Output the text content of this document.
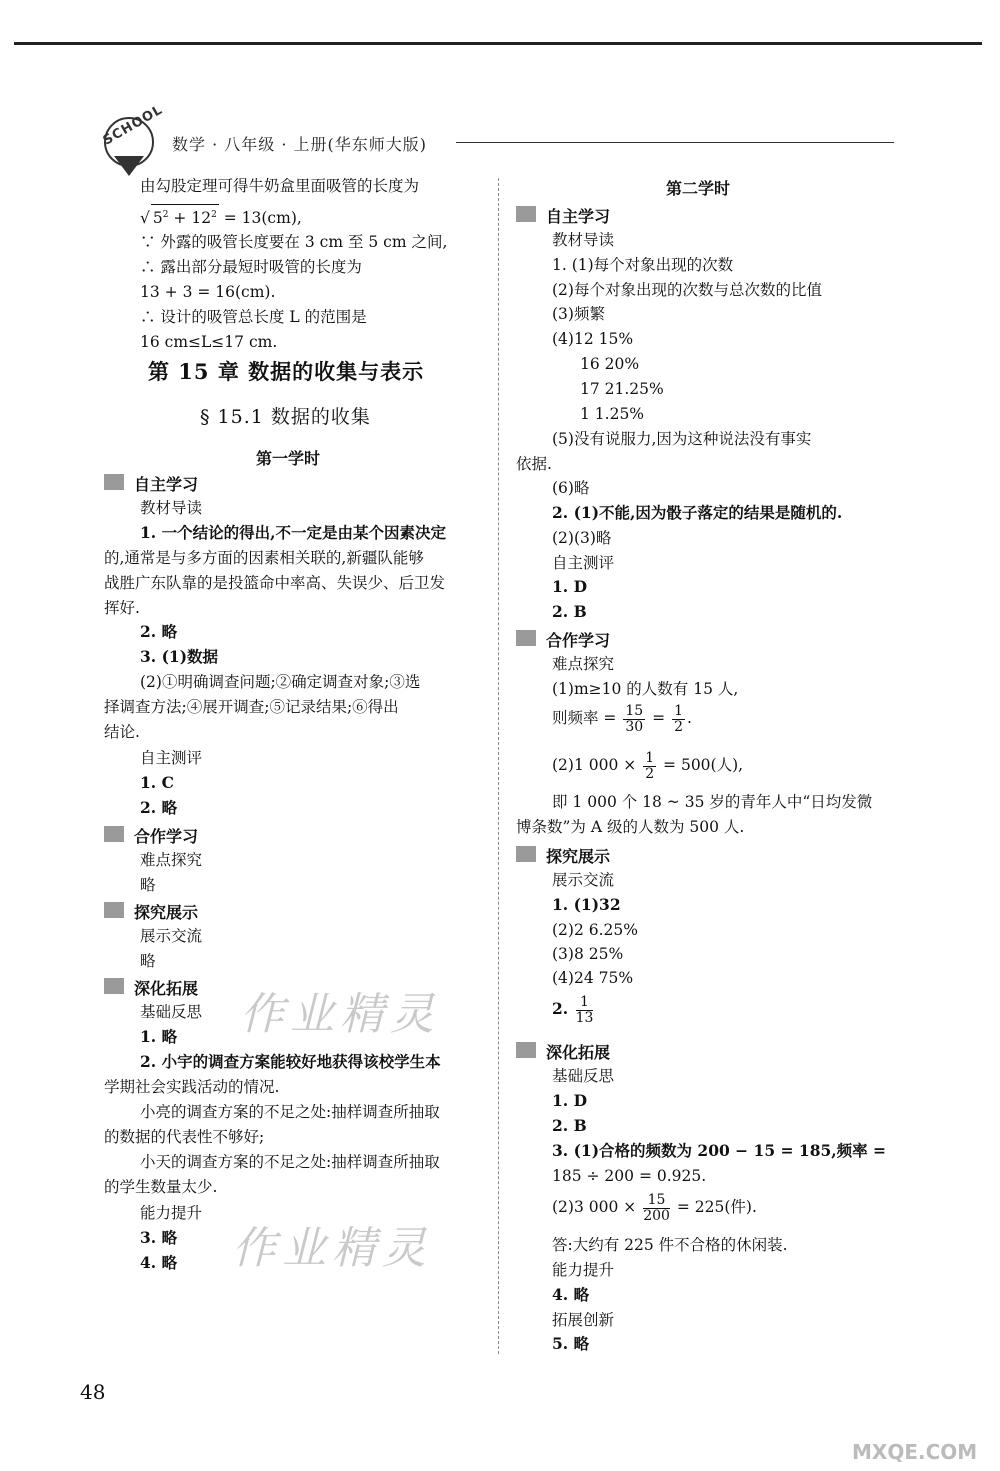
SCHOOL 数学 · 八年级 · 上册(华东师大版)
由勾股定理可得牛奶盒里面吸管的长度为
√ $5^2 + 12^2 = 13(cm)$,
∵ 外露的吸管长度要在 3 cm 至 5 cm 之间,
∴ 露出部分最短时吸管的长度为
13 + 3 = 16(cm).
∴ 设计的吸管总长度 L 的范围是
16 cm≤L≤17 cm.
第 15 章 数据的收集与表示
§ 15.1 数据的收集
第一学时
自主学习
教材导读
1. 一个结论的得出,不一定是由某个因素决定
的,通常是与多方面的因素相关联的,新疆队能够
战胜广东队靠的是投篮命中率高、失误少、后卫发
挥好.
2. 略
3. (1)数据
(2)①明确调查问题;②确定调查对象;③选
择调查方法;④展开调查;⑤记录结果;⑥得出
结论.
自主测评
1. C
2. 略
合作学习
难点探究
略
探究展示
展示交流
略
深化拓展
基础反思
1. 略
2. 小宇的调查方案能较好地获得该校学生本
学期社会实践活动的情况.
小亮的调查方案的不足之处:抽样调查所抽取
的数据的代表性不够好;
小天的调查方案的不足之处:抽样调查所抽取
的学生数量太少.
能力提升
3. 略
4. 略
第二学时
自主学习
教材导读
1. (1)每个对象出现的次数
(2)每个对象出现的次数与总次数的比值
(3)频繁
(4)12 15%
16 20%
17 21.25%
1 1.25%
(5)没有说服力,因为这种说法没有事实
依据.
(6)略
2. (1)不能,因为骰子落定的结果是随机的.
(2)(3)略
自主测评
1. D
2. B
合作学习
难点探究
(1)m≥10 的人数有 15 人,
则频率 = $\frac{15}{30} = \frac{1}{2}$ .
(2)1 $000 \times \frac{1}{2} = 500$(人),
即 1 000 个 18 ~ 35 岁的青年人中“日均发微
博条数”为 A 级的人数为 500 人.
探究展示
展示交流
1. (1)32
(2)2 6.25%
(3)8 25%
(4)24 75%
2. $\frac{1}{13}$
深化拓展
基础反思
1. D
2. B
3. (1)合格的频数为 200 − 15 = 185,频率 =
185 ÷ 200 = 0.925.
(2)3 $000 \times \frac{15}{200} = 225$(件).
答:大约有 225 件不合格的休闲装.
能力提升
4. 略
拓展创新
5. 略
48
作业精灵
作业精灵
MXQE.COM
